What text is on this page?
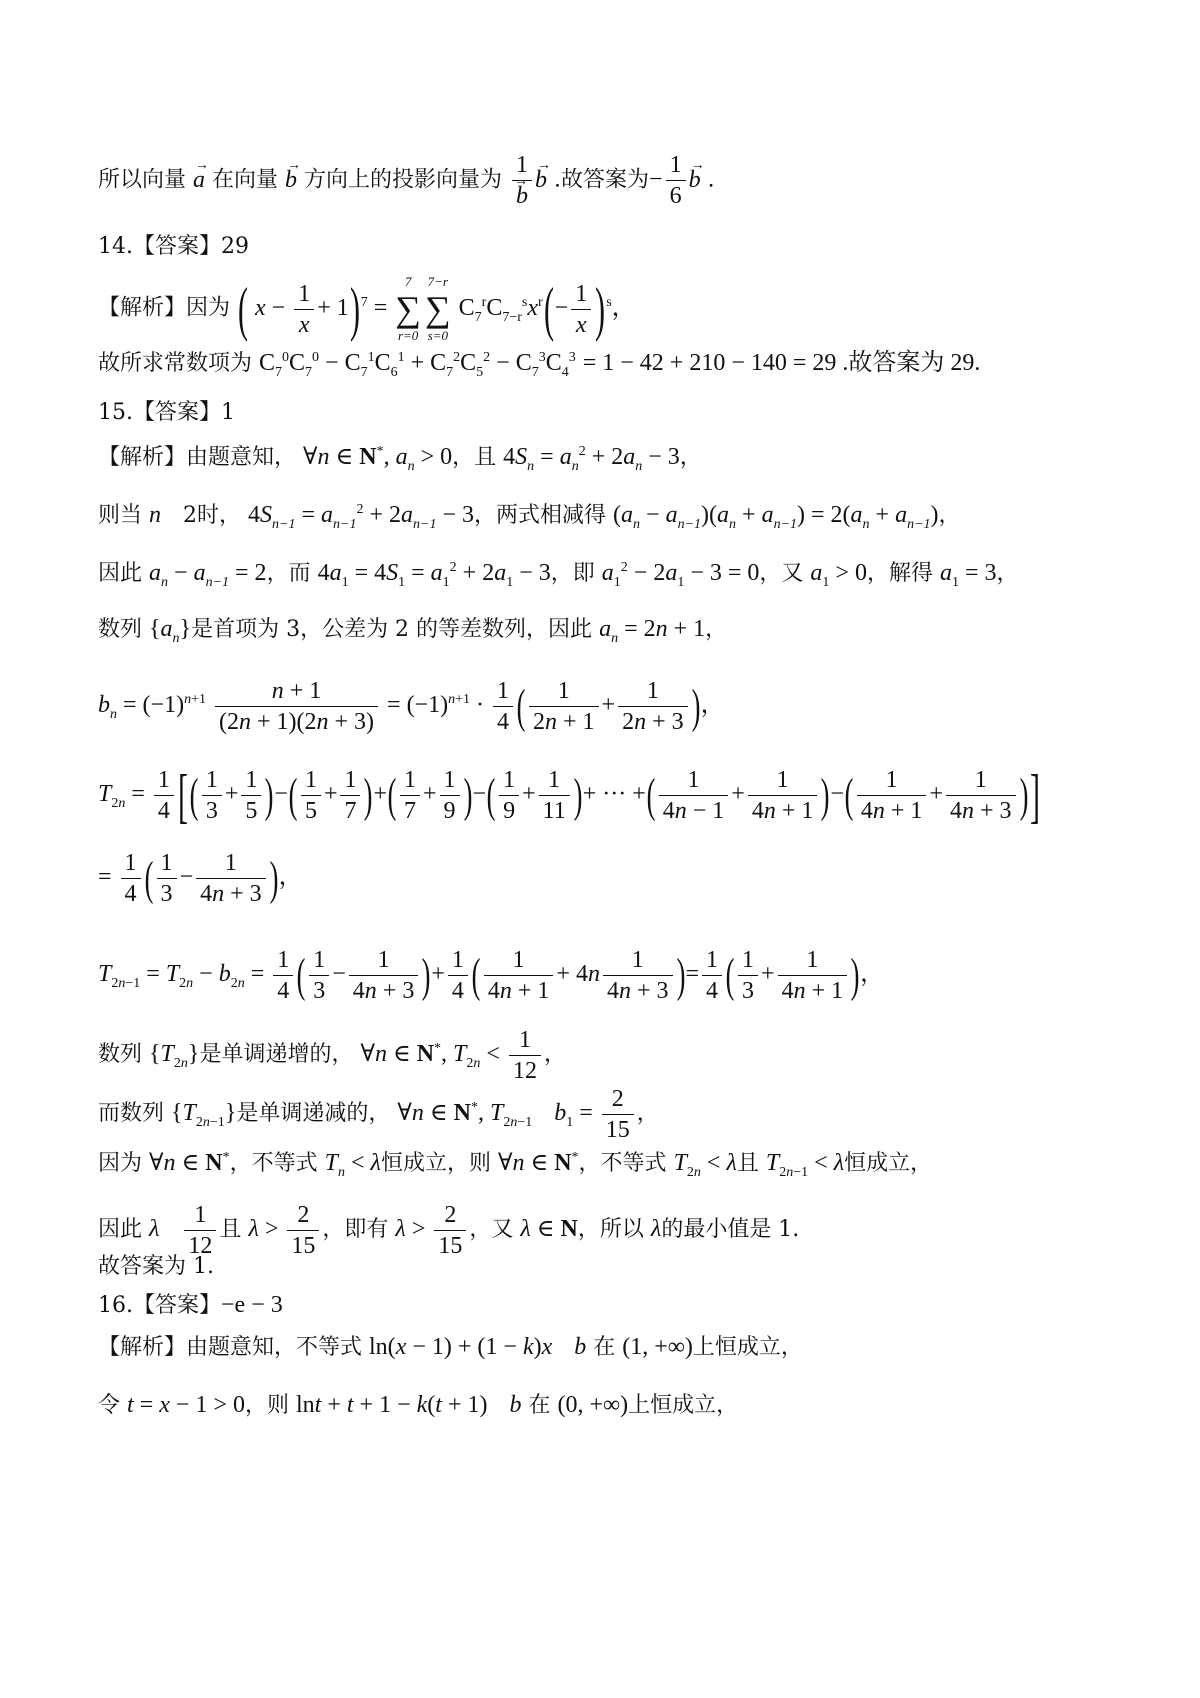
所以向量 → a 在向量 → b 方向上的投影向量为 1
→ b
→ b .故答案为− $\frac{1}{6}$
→ b .
14.【答案】29
【解析】因为 ( $x - \frac{1}{x} + 1)^7$ =
7
∑
r=0
7−r
∑
s=0
$C_7^rC_{7-r}^sx^r(- \frac{1}{x} )^s$，
故所求常数项为 $C_7^0C_7^0 - C_7^1C_6^1 + C_7^2C_5^2 - C_7^3C_4^3 = 1 - 42 + 210 - 140 = 29$ .故答案为 29.
15.【答案】1
【解析】由题意知， ∀n ∈ N*, $a_n > 0$，且 $4S_n = a_n^2 + 2a_n - 3$，
则当 n 2时， $4S_{n-1} = a_{n-1}^2 + 2a_{n-1} - 3$，两式相减得 $(a_n - a_{n-1})(a_n + a_{n-1}) = 2(a_n + a_{n-1})$，
因此 $a_n - a_{n-1} = 2$，而 $4a_1 = 4S_1 = a_1^2 + 2a_1 - 3$，即 $a_1^2 - 2a_1 - 3 = 0$，又 $a_1 > 0$，解得 $a_1 = 3$，
数列 $\{a_n\}$是首项为 3，公差为 2 的等差数列，因此 $a_n = 2n + 1$，
$b_n = (-1)^{n+1} \frac{n + 1}{(2n + 1)(2n + 3)} = (-1)^{n+1} \cdot \frac{1}{4}$ ( $\frac{1}{2n + 1} + \frac{1}{2n + 3}$ )，
$T_{2n} = \frac{1}{4}$ [( $\frac{1}{3} + \frac{1}{5}$ )−( $\frac{1}{5} + \frac{1}{7}$ )+( $\frac{1}{7} + \frac{1}{9}$ )−( $\frac{1}{9} + \frac{1}{11}$ )+ ··· +( $\frac{1}{4n - 1} + \frac{1}{4n + 1}$ )−( $\frac{1}{4n + 1} + \frac{1}{4n + 3}$ )]
= $\frac{1}{4}$ ( $\frac{1}{3} - \frac{1}{4n + 3}$ )，
$T_{2n-1} = T_{2n} - b_{2n} = \frac{1}{4}$ ( $\frac{1}{3} - \frac{1}{4n + 3}$ )+ $\frac{1}{4}$ ( $\frac{1}{4n + 1} + 4n \frac{1}{4n + 3}$ )= $\frac{1}{4}$ ( $\frac{1}{3} + \frac{1}{4n + 1}$ )，
数列 $\{T_{2n}\}$是单调递增的， ∀n ∈ N*, $T_{2n} < \frac{1}{12}$ ，
而数列 $\{T_{2n-1}\}$是单调递减的， ∀n ∈ N*, $T_{2n-1}$ $b_1 = \frac{2}{15}$ ，
因为 ∀n ∈ N*，不等式 $T_n < \lambda$恒成立，则 ∀n ∈ N*，不等式 $T_{2n} < \lambda$且 $T_{2n-1} < \lambda$恒成立，
因此 λ $\frac{1}{12}$ 且 $\lambda > \frac{2}{15}$ ，即有 $\lambda > \frac{2}{15}$ ，又 λ ∈ N，所以 λ的最小值是 1.
故答案为 1.
16.【答案】−e − 3
【解析】由题意知，不等式 ln(x − 1) + (1 − k)x b 在 (1, +∞)上恒成立，
令 t = x − 1 > 0，则 lnt + t + 1 − k(t + 1) b 在 (0, +∞)上恒成立，
